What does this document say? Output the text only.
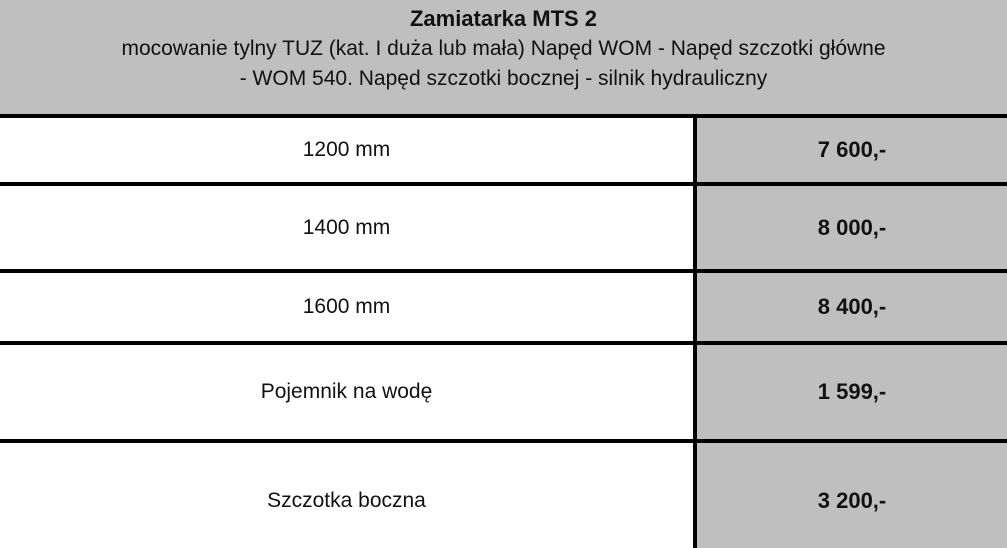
Zamiatarka MTS 2
mocowanie tylny TUZ (kat. I duża lub mała) Napęd WOM - Napęd szczotki główne
- WOM 540. Napęd szczotki bocznej - silnik hydrauliczny
1200 mm	7 600,-
1400 mm	8 000,-
1600 mm	8 400,-
Pojemnik na wodę	1 599,-
Szczotka boczna	3 200,-
